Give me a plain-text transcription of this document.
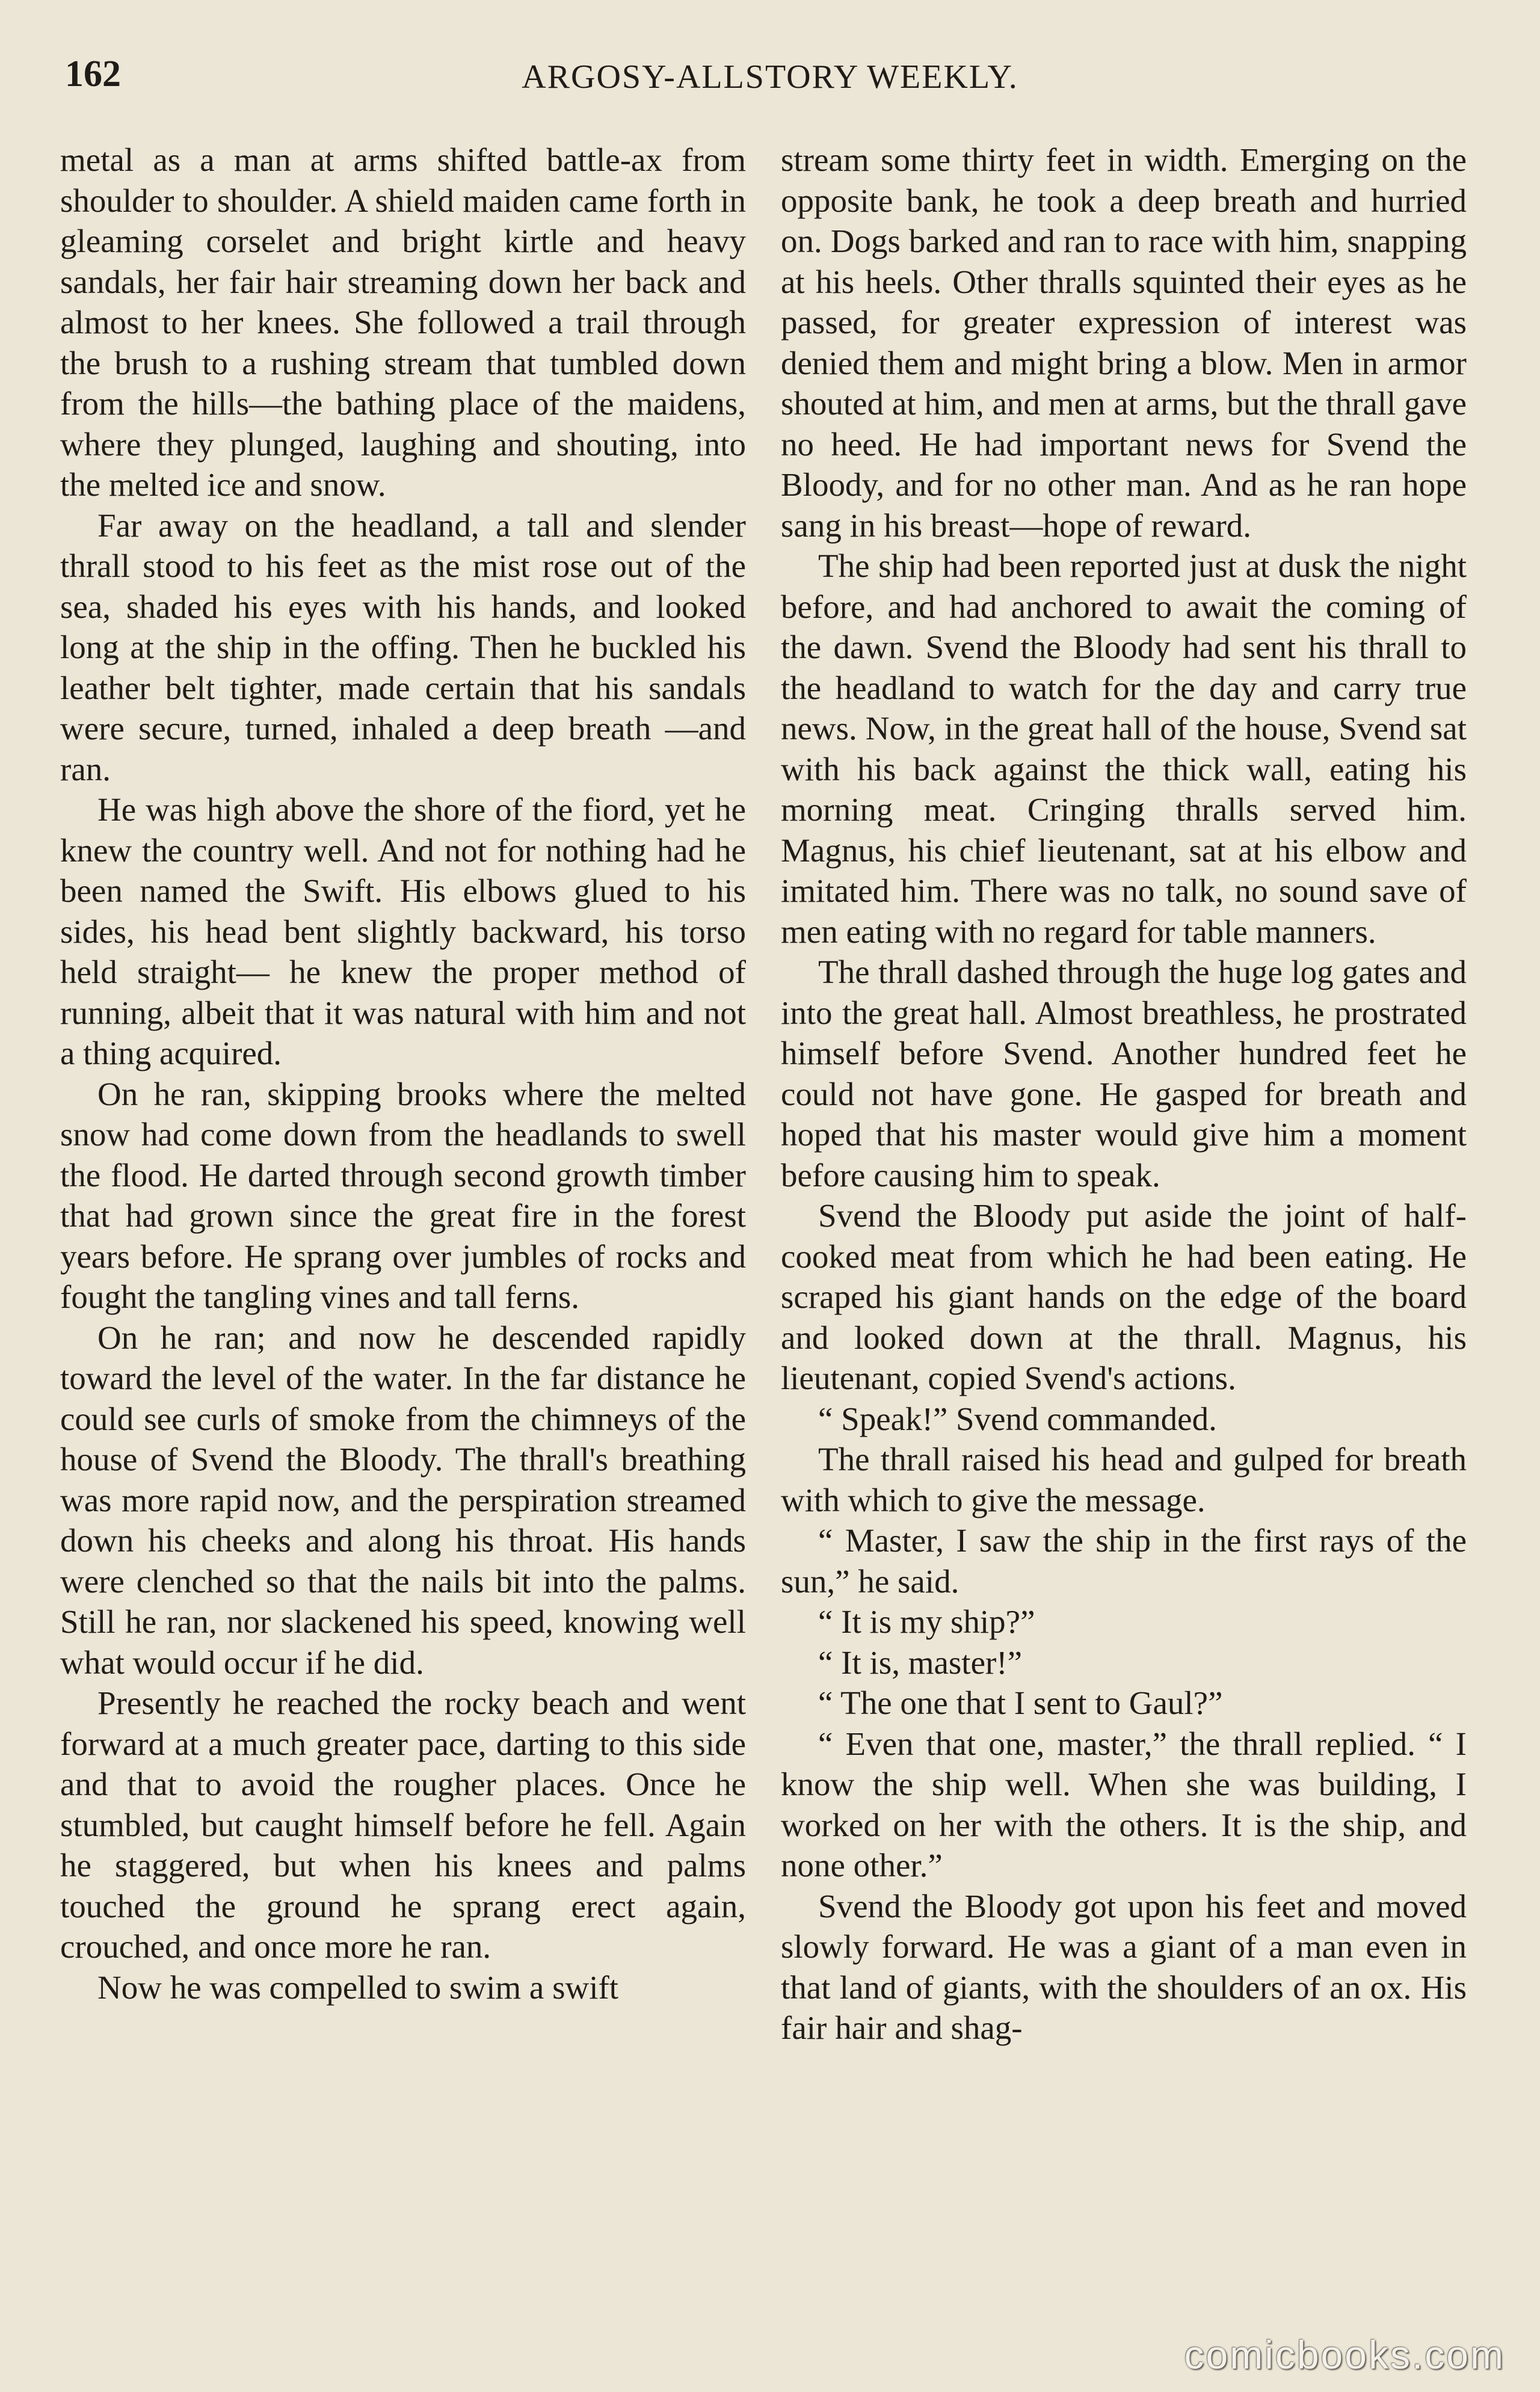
162	ARGOSY-ALLSTORY WEEKLY.

metal as a man at arms shifted battle-ax from shoulder to shoulder. A shield maiden came forth in gleaming corselet and bright kirtle and heavy sandals, her fair hair streaming down her back and almost to her knees. She followed a trail through the brush to a rushing stream that tumbled down from the hills—the bathing place of the maidens, where they plunged, laughing and shouting, into the melted ice and snow.

Far away on the headland, a tall and slender thrall stood to his feet as the mist rose out of the sea, shaded his eyes with his hands, and looked long at the ship in the offing. Then he buckled his leather belt tighter, made certain that his sandals were secure, turned, inhaled a deep breath —and ran.

He was high above the shore of the fiord, yet he knew the country well. And not for nothing had he been named the Swift. His elbows glued to his sides, his head bent slightly backward, his torso held straight— he knew the proper method of running, albeit that it was natural with him and not a thing acquired.

On he ran, skipping brooks where the melted snow had come down from the headlands to swell the flood. He darted through second growth timber that had grown since the great fire in the forest years before. He sprang over jumbles of rocks and fought the tangling vines and tall ferns.

On he ran; and now he descended rapidly toward the level of the water. In the far distance he could see curls of smoke from the chimneys of the house of Svend the Bloody. The thrall's breathing was more rapid now, and the perspiration streamed down his cheeks and along his throat. His hands were clenched so that the nails bit into the palms. Still he ran, nor slackened his speed, knowing well what would occur if he did.

Presently he reached the rocky beach and went forward at a much greater pace, darting to this side and that to avoid the rougher places. Once he stumbled, but caught himself before he fell. Again he staggered, but when his knees and palms touched the ground he sprang erect again, crouched, and once more he ran.

Now he was compelled to swim a swift

stream some thirty feet in width. Emerging on the opposite bank, he took a deep breath and hurried on. Dogs barked and ran to race with him, snapping at his heels. Other thralls squinted their eyes as he passed, for greater expression of interest was denied them and might bring a blow. Men in armor shouted at him, and men at arms, but the thrall gave no heed. He had important news for Svend the Bloody, and for no other man. And as he ran hope sang in his breast—hope of reward.

The ship had been reported just at dusk the night before, and had anchored to await the coming of the dawn. Svend the Bloody had sent his thrall to the headland to watch for the day and carry true news. Now, in the great hall of the house, Svend sat with his back against the thick wall, eating his morning meat. Cringing thralls served him. Magnus, his chief lieutenant, sat at his elbow and imitated him. There was no talk, no sound save of men eating with no regard for table manners.

The thrall dashed through the huge log gates and into the great hall. Almost breathless, he prostrated himself before Svend. Another hundred feet he could not have gone. He gasped for breath and hoped that his master would give him a moment before causing him to speak.

Svend the Bloody put aside the joint of half-cooked meat from which he had been eating. He scraped his giant hands on the edge of the board and looked down at the thrall. Magnus, his lieutenant, copied Svend's actions.

“ Speak!” Svend commanded.

The thrall raised his head and gulped for breath with which to give the message.

“ Master, I saw the ship in the first rays of the sun,” he said.

“ It is my ship?”

“ It is, master!”

“ The one that I sent to Gaul?”

“ Even that one, master,” the thrall replied. “ I know the ship well. When she was building, I worked on her with the others. It is the ship, and none other.”

Svend the Bloody got upon his feet and moved slowly forward. He was a giant of a man even in that land of giants, with the shoulders of an ox. His fair hair and shag-

comicbooks.com
